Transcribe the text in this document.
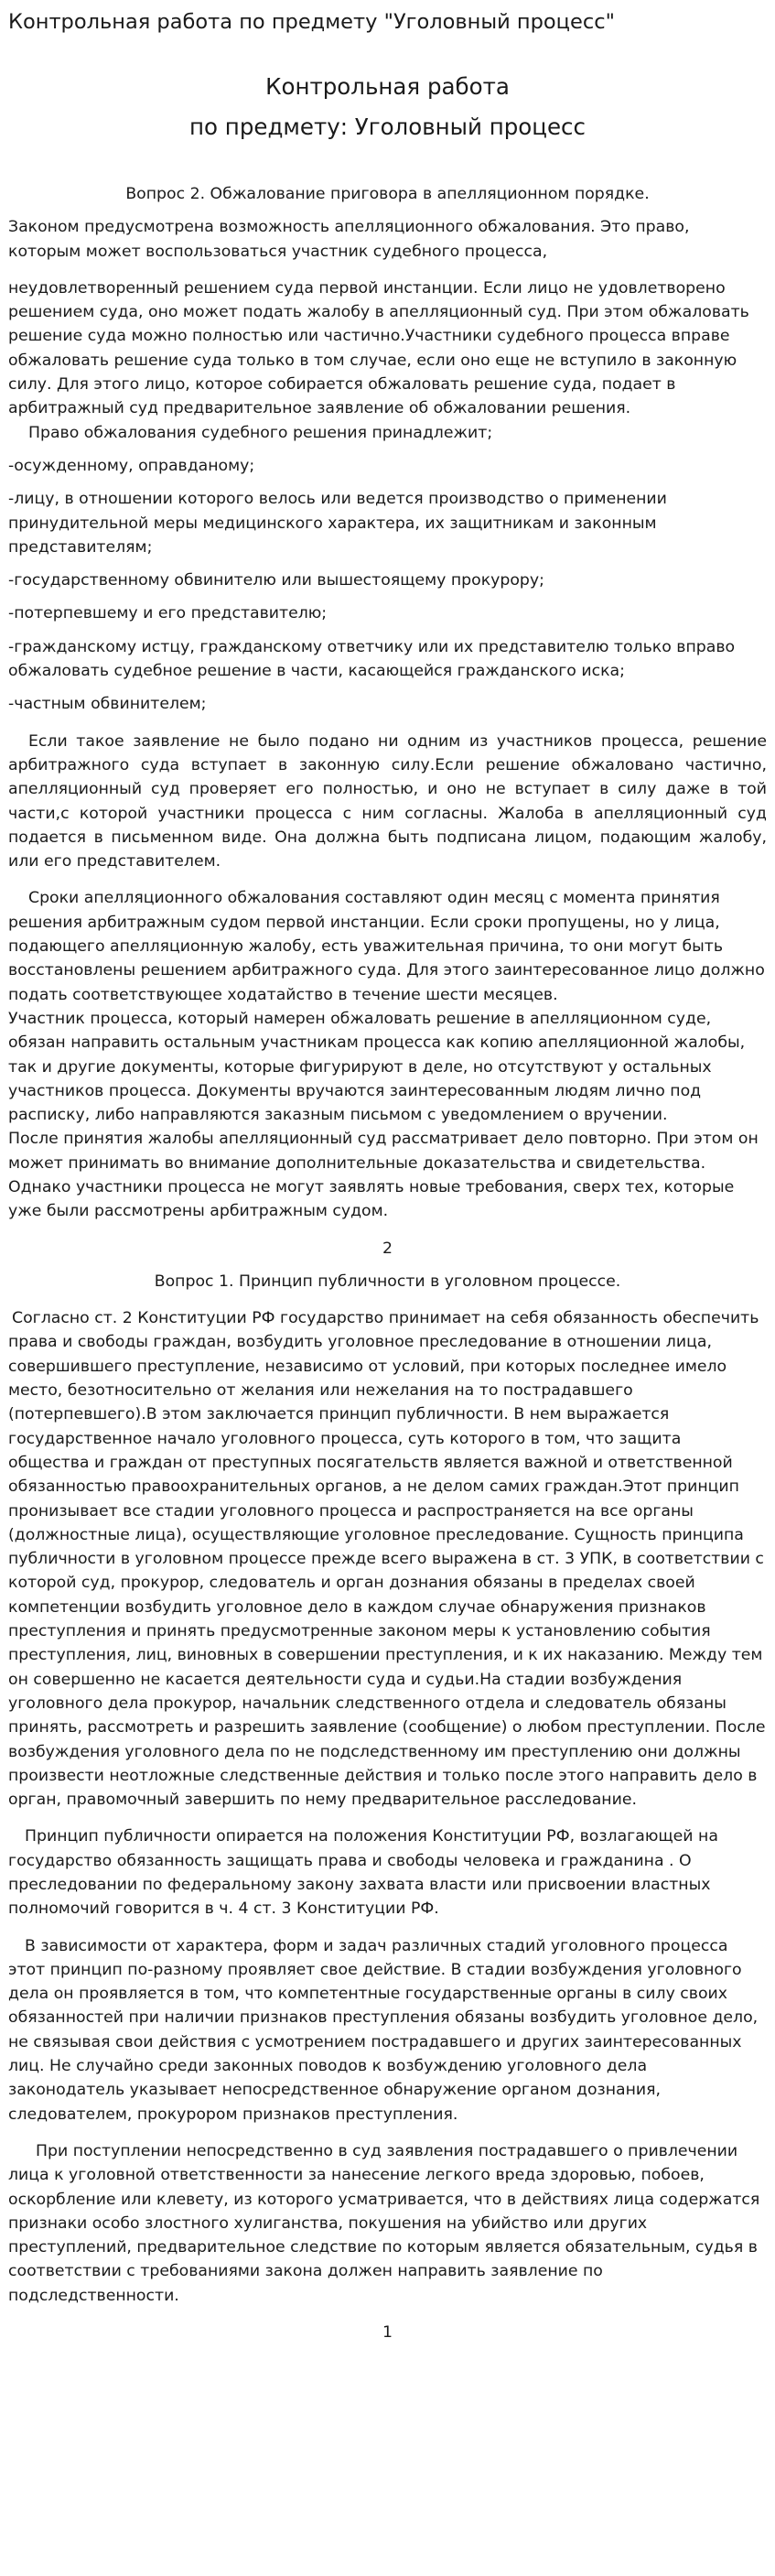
Контрольная работа по предмету "Уголовный процесс"
Контрольная работа
по предмету: Уголовный процесс

Вопрос 2. Обжалование приговора в апелляционном порядке.

Законом предусмотрена возможность апелляционного обжалования. Это право, которым может воспользоваться участник судебного процесса,

неудовлетворенный решением суда первой инстанции. Если лицо не удовлетворено решением суда, оно может подать жалобу в апелляционный суд. При этом обжаловать решение суда можно полностью или частично.Участники судебного процесса вправе обжаловать решение суда только в том случае, если оно еще не вступило в законную силу. Для этого лицо, которое собирается обжаловать решение суда, подает в арбитражный суд предварительное заявление об обжаловании решения.

Право обжалования судебного решения принадлежит;

-осужденному, оправданому;

-лицу, в отношении которого велось или ведется производство о применении принудительной меры медицинского характера, их защитникам и законным представителям;

-государственному обвинителю или вышестоящему прокурору;

-потерпевшему и его представителю;

-гражданскому истцу, гражданскому ответчику или их представителю только вправо обжаловать судебное решение в части, касающейся гражданского иска;

-частным обвинителем;

Если такое заявление не было подано ни одним из участников процесса, решение арбитражного суда вступает в законную силу.Если решение обжаловано частично, апелляционный суд проверяет его полностью, и оно не вступает в силу даже в той части,с которой участники процесса с ним согласны. Жалоба в апелляционный суд подается в письменном виде. Она должна быть подписана лицом, подающим жалобу, или его представителем.

Сроки апелляционного обжалования составляют один месяц с момента принятия решения арбитражным судом первой инстанции. Если сроки пропущены, но у лица, подающего апелляционную жалобу, есть уважительная причина, то они могут быть восстановлены решением арбитражного суда. Для этого заинтересованное лицо должно подать соответствующее ходатайство в течение шести месяцев.

Участник процесса, который намерен обжаловать решение в апелляционном суде, обязан направить остальным участникам процесса как копию апелляционной жалобы, так и другие документы, которые фигурируют в деле, но отсутствуют у остальных участников процесса. Документы вручаются заинтересованным людям лично под расписку, либо направляются заказным письмом с уведомлением о вручении.

После принятия жалобы апелляционный суд рассматривает дело повторно. При этом он может принимать во внимание дополнительные доказательства и свидетельства. Однако участники процесса не могут заявлять новые требования, сверх тех, которые уже были рассмотрены арбитражным судом.

2

Вопрос 1. Принцип публичности в уголовном процессе.

Согласно ст. 2 Конституции РФ государство принимает на себя обязанность обеспечить права и свободы граждан, возбудить уголовное преследование в отношении лица, совершившего преступление, независимо от условий, при которых последнее имело место, безотносительно от желания или нежелания на то пострадавшего (потерпевшего).В этом заключается принцип публичности. В нем выражается государственное начало уголовного процесса, суть которого в том, что защита общества и граждан от преступных посягательств является важной и ответственной обязанностью правоохранительных органов, а не делом самих граждан.Этот принцип пронизывает все стадии уголовного процесса и распространяется на все органы (должностные лица), осуществляющие уголовное преследование. Сущность принципа публичности в уголовном процессе прежде всего выражена в ст. 3 УПК, в соответствии с которой суд, прокурор, следователь и орган дознания обязаны в пределах своей компетенции возбудить уголовное дело в каждом случае обнаружения признаков преступления и принять предусмотренные законом меры к установлению события преступления, лиц, виновных в совершении преступления, и к их наказанию. Между тем он совершенно не касается деятельности суда и судьи.На стадии возбуждения уголовного дела прокурор, начальник следственного отдела и следователь обязаны принять, рассмотреть и разрешить заявление (сообщение) о любом преступлении. После возбуждения уголовного дела по не подследственному им преступлению они должны произвести неотложные следственные действия и только после этого направить дело в орган, правомочный завершить по нему предварительное расследование.

Принцип публичности опирается на положения Конституции РФ, возлагающей на государство обязанность защищать права и свободы человека и гражданина . О преследовании по федеральному закону захвата власти или присвоении властных полномочий говорится в ч. 4 ст. 3 Конституции РФ.

В зависимости от характера, форм и задач различных стадий уголовного процесса этот принцип по-разному проявляет свое действие. В стадии возбуждения уголовного дела он проявляется в том, что компетентные государственные органы в силу своих обязанностей при наличии признаков преступления обязаны возбудить уголовное дело, не связывая свои действия с усмотрением пострадавшего и других заинтересованных лиц. Не случайно среди законных поводов к возбуждению уголовного дела законодатель указывает непосредственное обнаружение органом дознания, следователем, прокурором признаков преступления.

При поступлении непосредственно в суд заявления пострадавшего о привлечении лица к уголовной ответственности за нанесение легкого вреда здоровью, побоев, оскорбление или клевету, из которого усматривается, что в действиях лица содержатся признаки особо злостного хулиганства, покушения на убийство или других преступлений, предварительное следствие по которым является обязательным, судья в соответствии с требованиями закона должен направить заявление по подследственности.

1
